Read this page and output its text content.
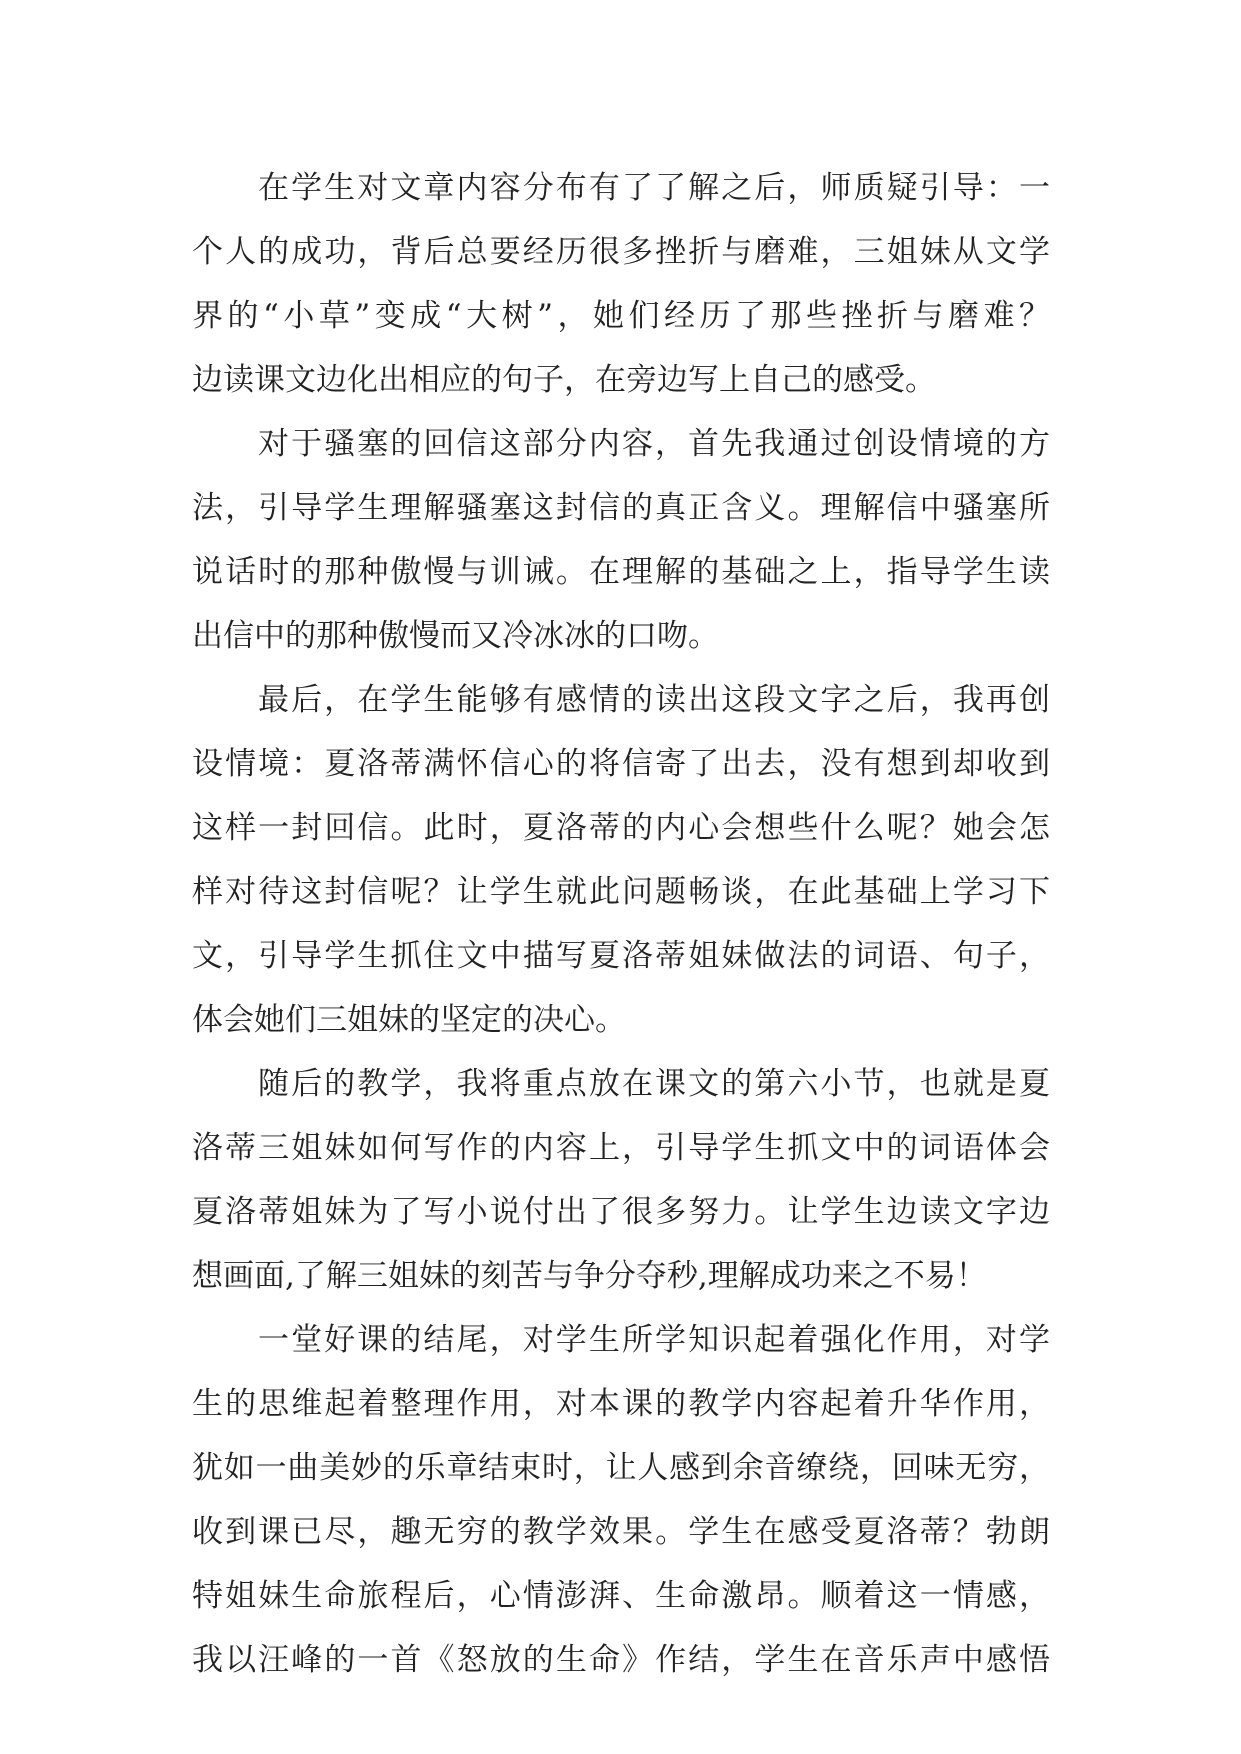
在学生对文章内容分布有了了解之后，师质疑引导：一
个人的成功，背后总要经历很多挫折与磨难，三姐妹从文学
界的“小草”变成“大树”，她们经历了那些挫折与磨难？
边读课文边化出相应的句子，在旁边写上自己的感受。
对于骚塞的回信这部分内容，首先我通过创设情境的方
法，引导学生理解骚塞这封信的真正含义。理解信中骚塞所
说话时的那种傲慢与训诫。在理解的基础之上，指导学生读
出信中的那种傲慢而又冷冰冰的口吻。
最后，在学生能够有感情的读出这段文字之后，我再创
设情境：夏洛蒂满怀信心的将信寄了出去，没有想到却收到
这样一封回信。此时，夏洛蒂的内心会想些什么呢？她会怎
样对待这封信呢？让学生就此问题畅谈，在此基础上学习下
文，引导学生抓住文中描写夏洛蒂姐妹做法的词语、句子，
体会她们三姐妹的坚定的决心。
随后的教学，我将重点放在课文的第六小节，也就是夏
洛蒂三姐妹如何写作的内容上，引导学生抓文中的词语体会
夏洛蒂姐妹为了写小说付出了很多努力。让学生边读文字边
想画面,了解三姐妹的刻苦与争分夺秒,理解成功来之不易！
一堂好课的结尾，对学生所学知识起着强化作用，对学
生的思维起着整理作用，对本课的教学内容起着升华作用，
犹如一曲美妙的乐章结束时，让人感到余音缭绕，回味无穷，
收到课已尽，趣无穷的教学效果。学生在感受夏洛蒂？勃朗
特姐妹生命旅程后，心情澎湃、生命激昂。顺着这一情感，
我以汪峰的一首《怒放的生命》作结，学生在音乐声中感悟
